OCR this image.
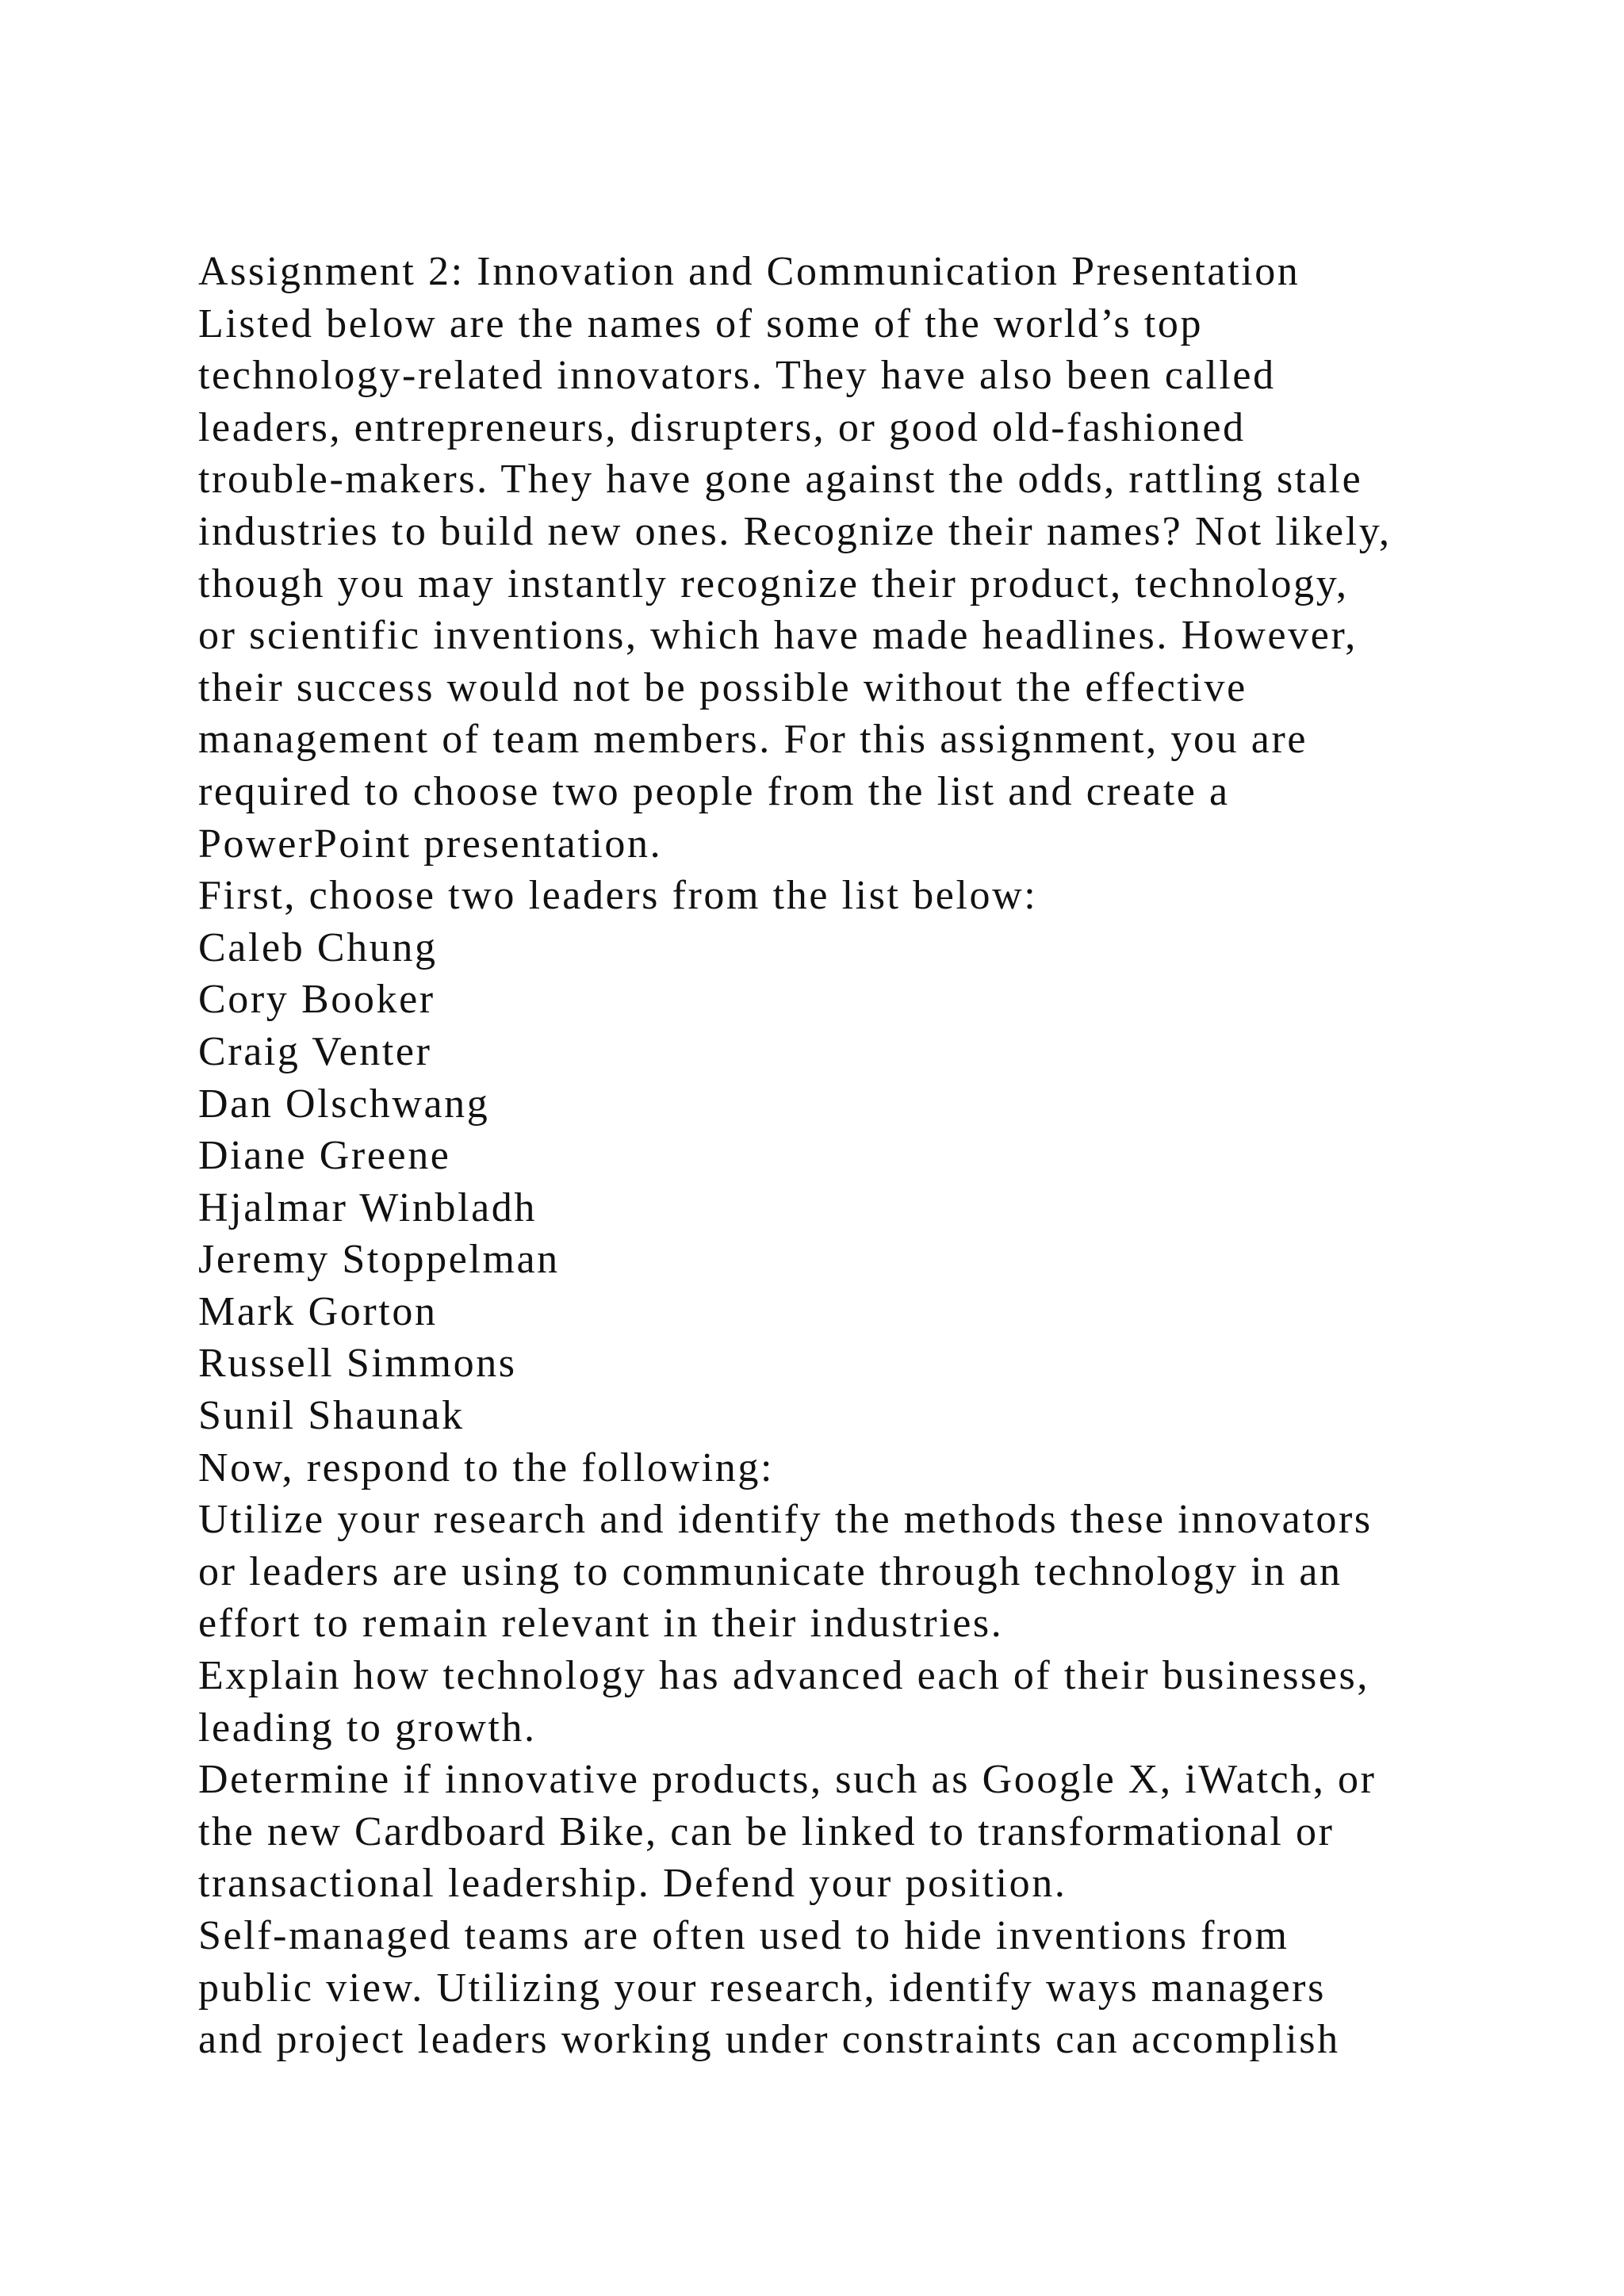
Assignment 2: Innovation and Communication Presentation
Listed below are the names of some of the world’s top
technology-related innovators. They have also been called
leaders, entrepreneurs, disrupters, or good old-fashioned
trouble-makers. They have gone against the odds, rattling stale
industries to build new ones. Recognize their names? Not likely,
though you may instantly recognize their product, technology,
or scientific inventions, which have made headlines. However,
their success would not be possible without the effective
management of team members. For this assignment, you are
required to choose two people from the list and create a
PowerPoint presentation.
First, choose two leaders from the list below:
Caleb Chung
Cory Booker
Craig Venter
Dan Olschwang
Diane Greene
Hjalmar Winbladh
Jeremy Stoppelman
Mark Gorton
Russell Simmons
Sunil Shaunak
Now, respond to the following:
Utilize your research and identify the methods these innovators
or leaders are using to communicate through technology in an
effort to remain relevant in their industries.
Explain how technology has advanced each of their businesses,
leading to growth.
Determine if innovative products, such as Google X, iWatch, or
the new Cardboard Bike, can be linked to transformational or
transactional leadership. Defend your position.
Self-managed teams are often used to hide inventions from
public view. Utilizing your research, identify ways managers
and project leaders working under constraints can accomplish
